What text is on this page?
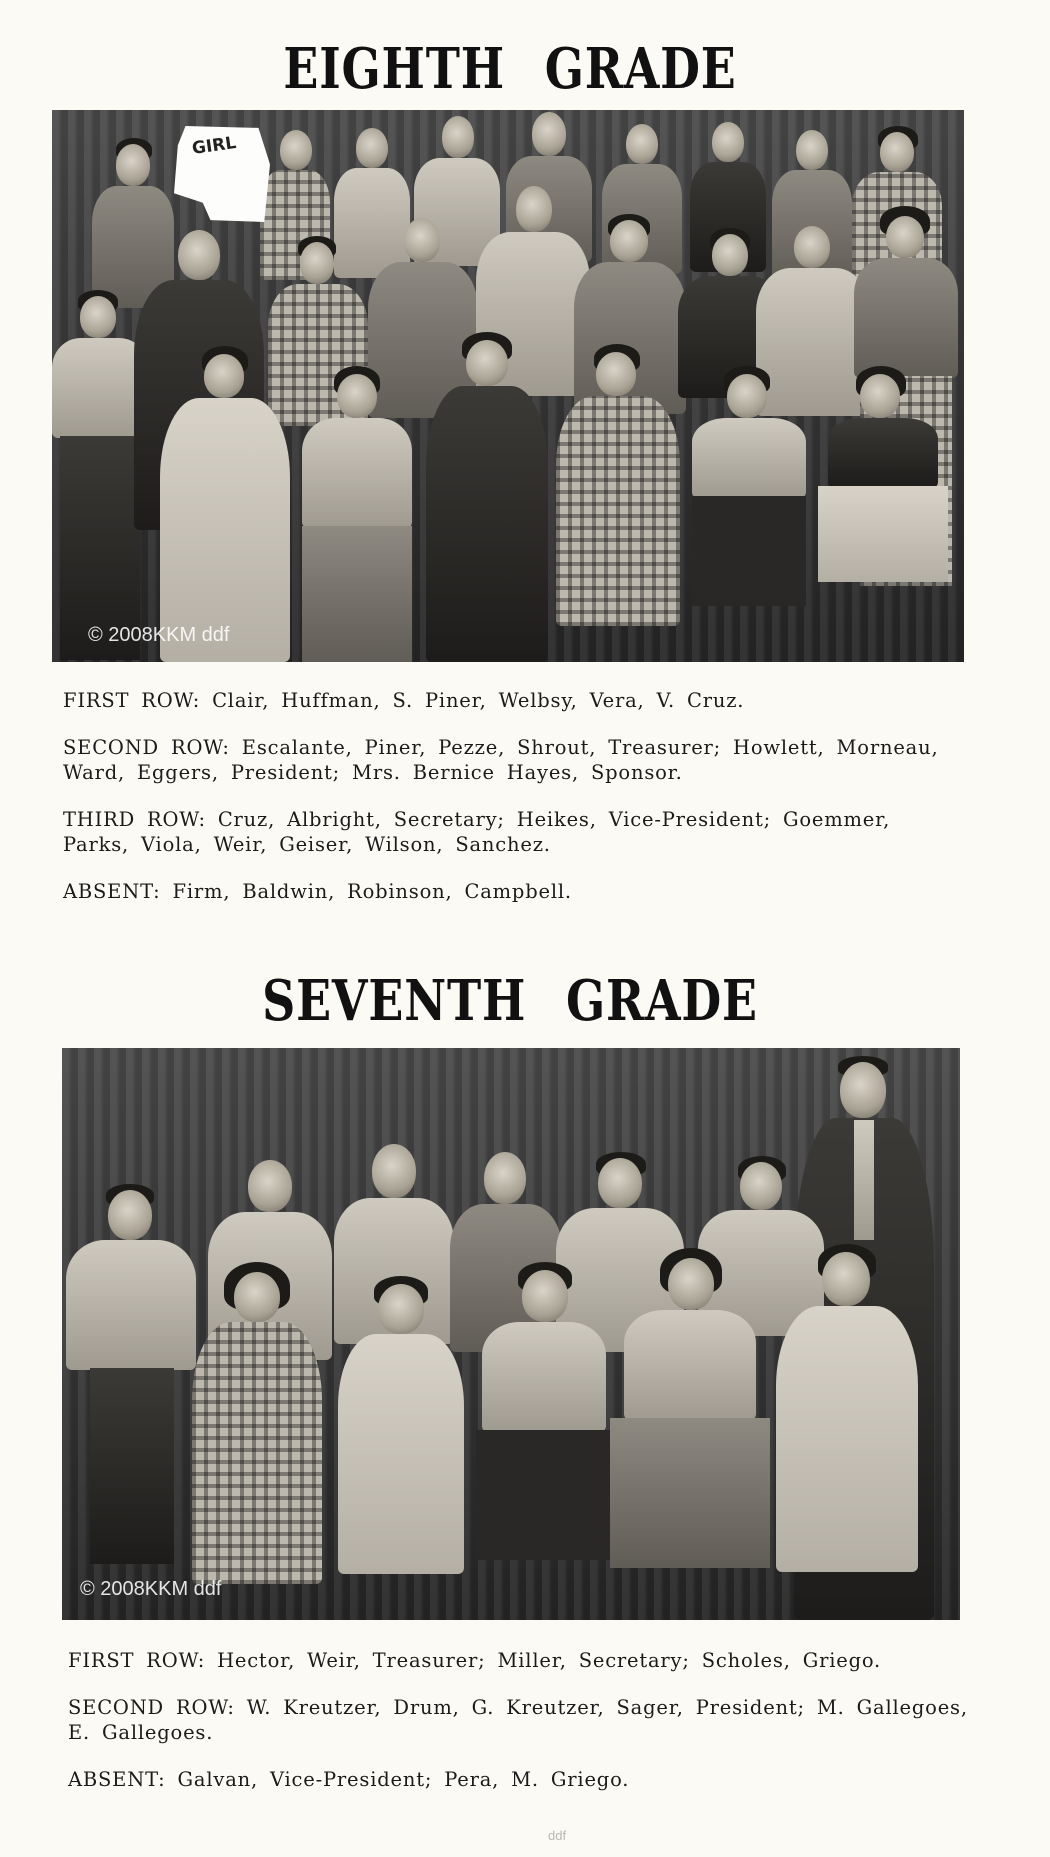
EIGHTH GRADE
GIRL
© 2008KKM ddf

FIRST ROW: Clair, Huffman, S. Piner, Welbsy, Vera, V. Cruz.

SECOND ROW: Escalante, Piner, Pezze, Shrout, Treasurer; Howlett, Morneau, Ward, Eggers, President; Mrs. Bernice Hayes, Sponsor.

THIRD ROW: Cruz, Albright, Secretary; Heikes, Vice-President; Goemmer, Parks, Viola, Weir, Geiser, Wilson, Sanchez.

ABSENT: Firm, Baldwin, Robinson, Campbell.

SEVENTH GRADE
© 2008KKM ddf

FIRST ROW: Hector, Weir, Treasurer; Miller, Secretary; Scholes, Griego.

SECOND ROW: W. Kreutzer, Drum, G. Kreutzer, Sager, President; M. Gallegoes, E. Gallegoes.

ABSENT: Galvan, Vice-President; Pera, M. Griego.

ddf
